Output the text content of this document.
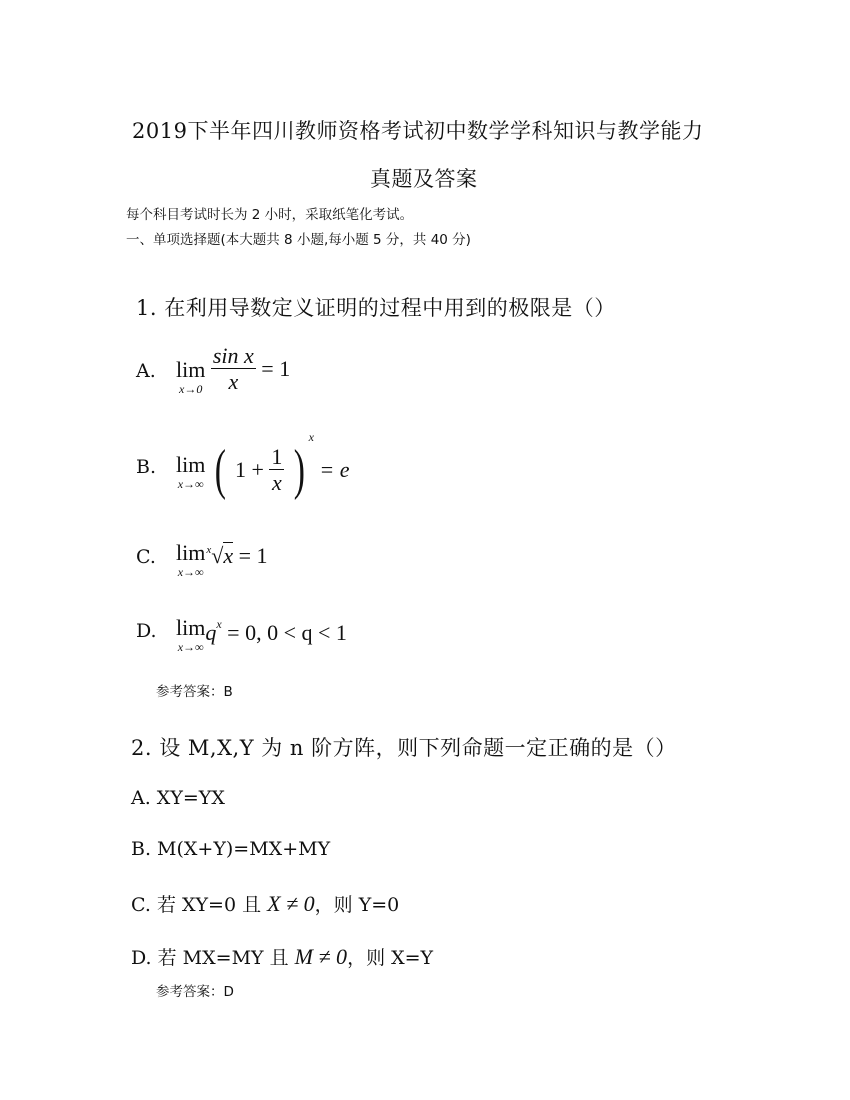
2019下半年四川教师资格考试初中数学学科知识与教学能力
真题及答案
每个科目考试时长为 2 小时，采取纸笔化考试。
一、单项选择题(本大题共 8 小题,每小题 5 分，共 40 分)
1. 在利用导数定义证明的过程中用到的极限是（）
A. lim
x→0
$\frac{\text{sin x}}{x} = 1$
B. lim
x→∞ ( $1 + \frac{1}{x} )^x = e$
C. lim
x→∞
$^x$√x = 1
D. lim
x→∞
$q^x = 0$, 0 < q < 1
参考答案：B
2. 设 M,X,Y 为 n 阶方阵，则下列命题一定正确的是（）
A. XY=YX
B. M(X+Y)=MX+MY
C. 若 XY=0 且 X ≠ 0，则 Y=0
D. 若 MX=MY 且 M ≠ 0，则 X=Y
参考答案：D
